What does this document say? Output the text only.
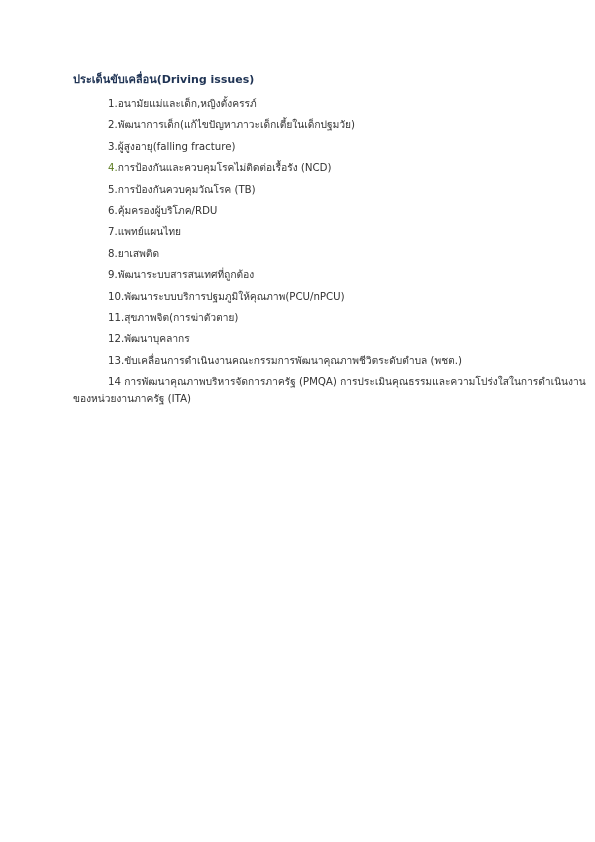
ประเด็นขับเคลื่อน(Driving issues)
1.อนามัยแม่และเด็ก,หญิงตั้งครรภ์
2.พัฒนาการเด็ก(แก้ไขปัญหาภาวะเด็กเตี้ยในเด็กปฐมวัย)
3.ผู้สูงอายุ(falling fracture)
4.การป้องกันและควบคุมโรคไม่ติดต่อเรื้อรัง (NCD)
5.การป้องกันควบคุมวัณโรค (TB)
6.คุ้มครองผู้บริโภค/RDU
7.แพทย์แผนไทย
8.ยาเสพติด
9.พัฒนาระบบสารสนเทศที่ถูกต้อง
10.พัฒนาระบบบริการปฐมภูมิให้คุณภาพ(PCU/nPCU)
11.สุขภาพจิต(การฆ่าตัวตาย)
12.พัฒนาบุคลากร
13.ขับเคลื่อนการดำเนินงานคณะกรรมการพัฒนาคุณภาพชีวิตระดับตำบล (พชต.)
14 การพัฒนาคุณภาพบริหารจัดการภาครัฐ (PMQA) การประเมินคุณธรรมและความโปร่งใสในการดำเนินงาน
ของหน่วยงานภาครัฐ (ITA)
